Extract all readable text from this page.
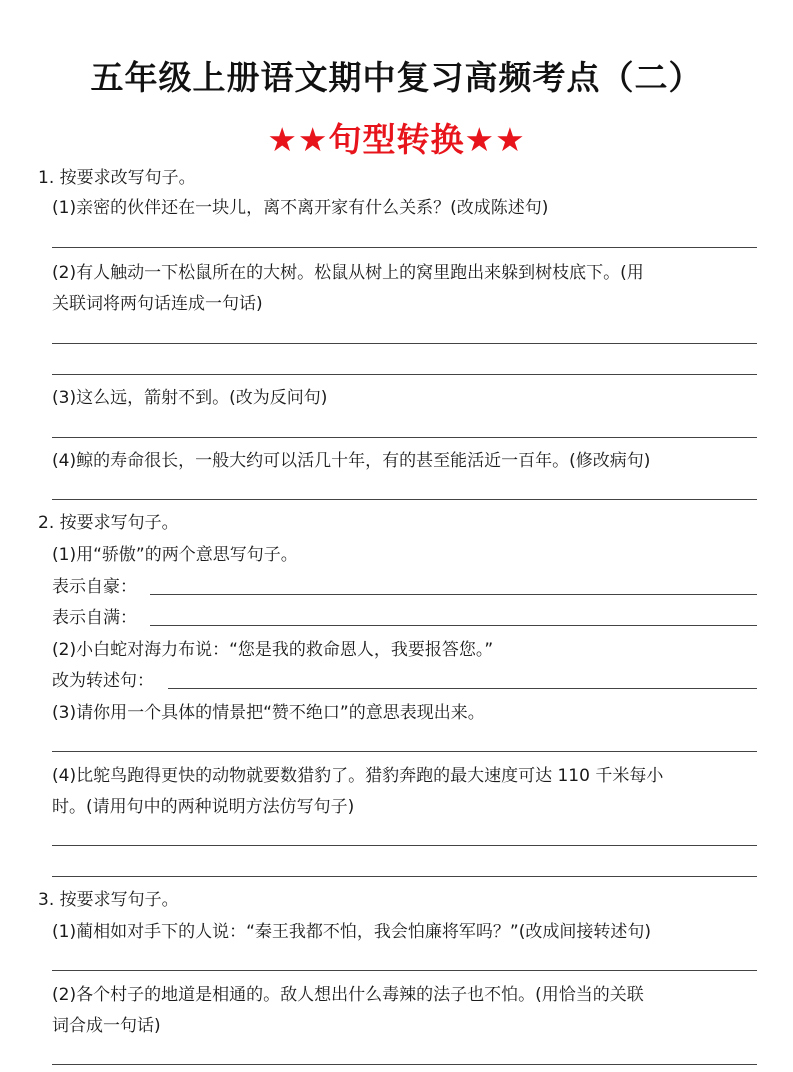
五年级上册语文期中复习高频考点（二）
★★句型转换★★
1. 按要求改写句子。
(1)亲密的伙伴还在一块儿，离不离开家有什么关系？(改成陈述句)
(2)有人触动一下松鼠所在的大树。松鼠从树上的窝里跑出来躲到树枝底下。(用
关联词将两句话连成一句话)
(3)这么远，箭射不到。(改为反问句)
(4)鲸的寿命很长，一般大约可以活几十年，有的甚至能活近一百年。(修改病句)
2. 按要求写句子。
(1)用“骄傲”的两个意思写句子。
表示自豪：
表示自满：
(2)小白蛇对海力布说：“您是我的救命恩人，我要报答您。”
改为转述句：
(3)请你用一个具体的情景把“赞不绝口”的意思表现出来。
(4)比鸵鸟跑得更快的动物就要数猎豹了。猎豹奔跑的最大速度可达 110 千米每小
时。(请用句中的两种说明方法仿写句子)
3. 按要求写句子。
(1)蔺相如对手下的人说：“秦王我都不怕，我会怕廉将军吗？”(改成间接转述句)
(2)各个村子的地道是相通的。敌人想出什么毒辣的法子也不怕。(用恰当的关联
词合成一句话)
